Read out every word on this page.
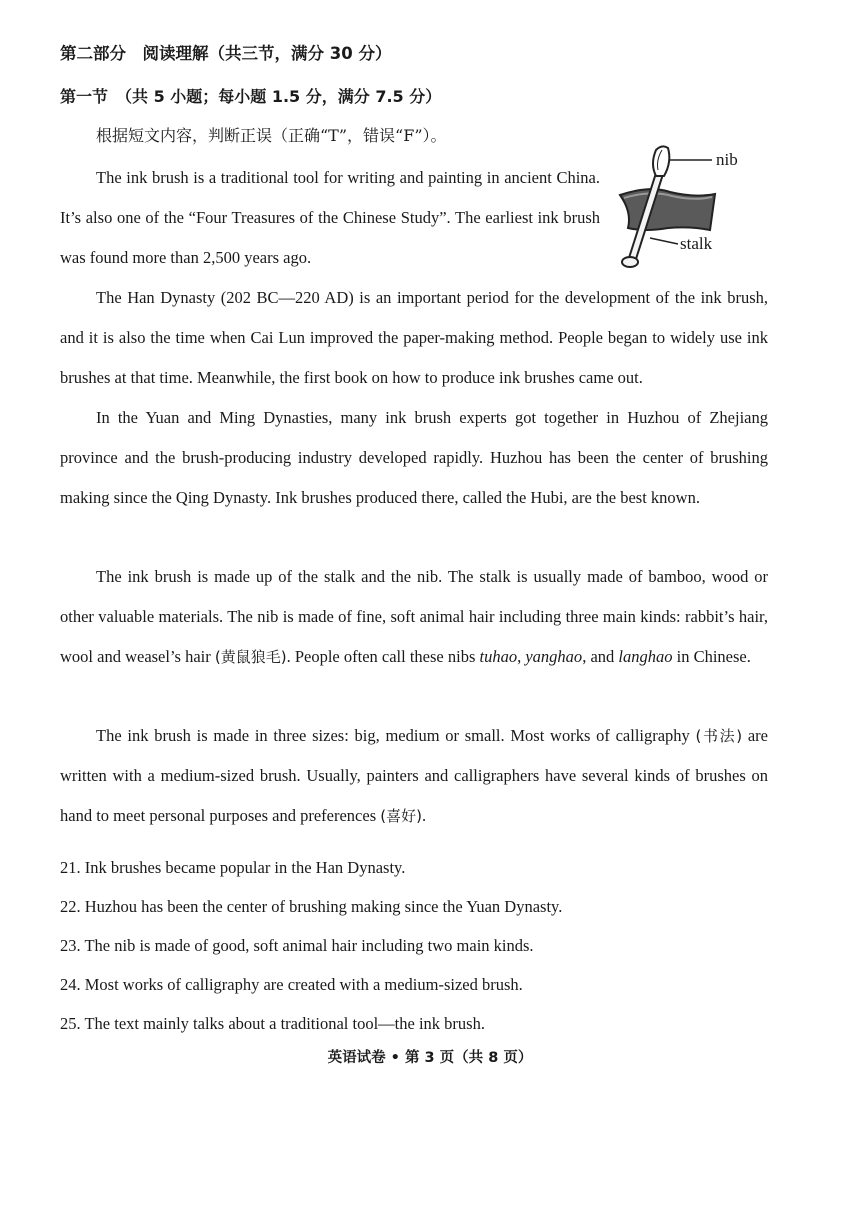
第二部分　阅读理解（共三节，满分 30 分）
第一节　（共 5 小题；每小题 1.5 分，满分 7.5 分）
根据短文内容，判断正误（正确“T”，错误“F”）。

The ink brush is a traditional tool for writing and painting in ancient China. It’s also one of the “Four Treasures of the Chinese Study”. The earliest ink brush was found more than 2,500 years ago.

nib
stalk

The Han Dynasty (202 BC—220 AD) is an important period for the development of the ink brush, and it is also the time when Cai Lun improved the paper-making method. People began to widely use ink brushes at that time. Meanwhile, the first book on how to produce ink brushes came out.

In the Yuan and Ming Dynasties, many ink brush experts got together in Huzhou of Zhejiang province and the brush-producing industry developed rapidly. Huzhou has been the center of brushing making since the Qing Dynasty. Ink brushes produced there, called the Hubi, are the best known.

The ink brush is made up of the stalk and the nib. The stalk is usually made of bamboo, wood or other valuable materials. The nib is made of fine, soft animal hair including three main kinds: rabbit’s hair, wool and weasel’s hair (黄鼠狼毛). People often call these nibs tuhao, yanghao, and langhao in Chinese.

The ink brush is made in three sizes: big, medium or small. Most works of calligraphy (书法) are written with a medium-sized brush. Usually, painters and calligraphers have several kinds of brushes on hand to meet personal purposes and preferences (喜好).

21. Ink brushes became popular in the Han Dynasty.
22. Huzhou has been the center of brushing making since the Yuan Dynasty.
23. The nib is made of good, soft animal hair including two main kinds.
24. Most works of calligraphy are created with a medium-sized brush.
25. The text mainly talks about a traditional tool—the ink brush.
英语试卷 • 第 3 页（共 8 页）
